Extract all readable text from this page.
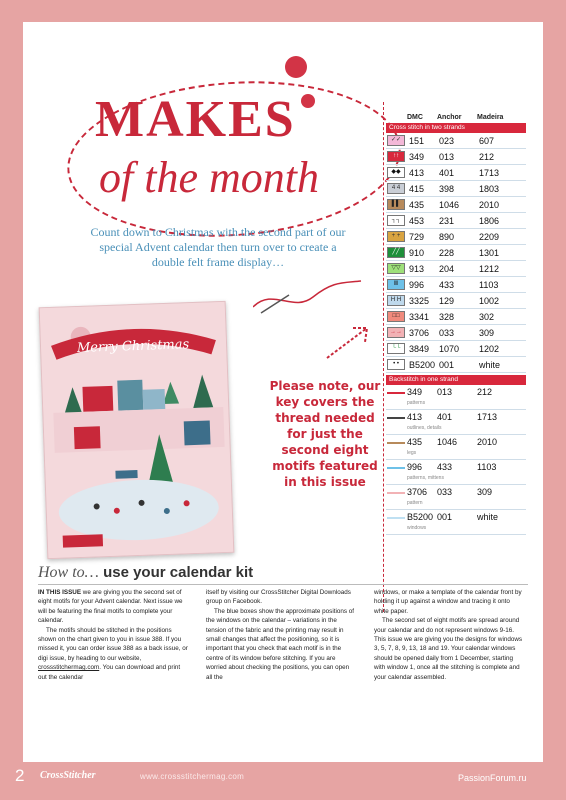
MAKES
of the month
Count down to Christmas with the second part of our special Advent calendar then turn over to create a double felt frame display…
Merry Christmas
Please note, our key covers the thread needed for just the second eight motifs featured in this issue
DMC	Anchor	Madeira
Cross stitch in two strands
✓✓ 151	023	607
↑↑	349	013	212
◆◆ 413	401	1713
4 4 415	398	1803
▌▌ 435	1046	2010
┐┐ 453	231	1806
+ + 729	890	2209
╱╱	910	228	1301
▽▽ 913	204	1212
‖‖	996	433	1103
H H 3325	129	1002
□□	3341	328	302
→→ 3706	033	309
└└ 3849	1070	1202
• •	B5200 001	white
Backstitch in one strand
349	013	212
patterns
413	401	1713
outlines, details
435	1046	2010
legs
996	433	1103
patterns, mittens
3706	033	309
pattern
B5200 001	white
windows
How to… use your calendar kit

IN THIS ISSUE we are giving you the second set of eight motifs for your Advent calendar. Next issue we will be featuring the final motifs to complete your calendar.

The motifs should be stitched in the positions shown on the chart given to you in issue 388. If you missed it, you can order issue 388 as a back issue, or digi issue, by heading to our website, crossstitchermag.com. You can download and print out the calendar

itself by visiting our CrossStitcher Digital Downloads group on Facebook.

The blue boxes show the approximate positions of the windows on the calendar – variations in the tension of the fabric and the printing may result in small changes that affect the positioning, so it is important that you check that each motif is in the centre of its window before stitching. If you are worried about checking the positions, you can open all the

windows, or make a template of the calendar front by holding it up against a window and tracing it onto white paper.

The second set of eight motifs are spread around your calendar and do not represent windows 9-16. This issue we are giving you the designs for windows 3, 5, 7, 8, 9, 13, 18 and 19. Your calendar windows should be opened daily from 1 December, starting with window 1, once all the stitching is complete and your calendar assembled.

2 CrossStitcher	www.crossstitchermag.com	PassionForum.ru
